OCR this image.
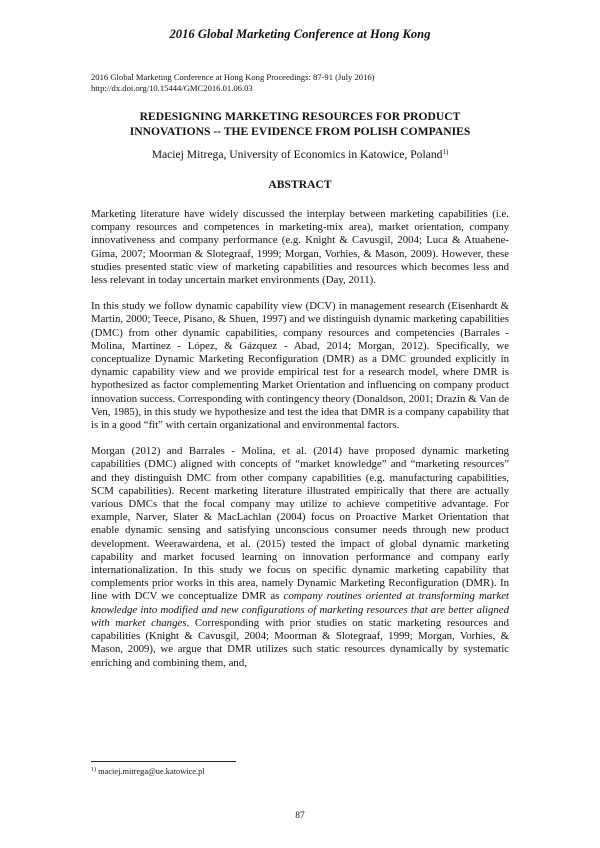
2016 Global Marketing Conference at Hong Kong
2016 Global Marketing Conference at Hong Kong Proceedings: 87-91 (July 2016)
http://dx.doi.org/10.15444/GMC2016.01.06.03
REDESIGNING MARKETING RESOURCES FOR PRODUCT
INNOVATIONS -- THE EVIDENCE FROM POLISH COMPANIES
Maciej Mitrega, University of Economics in Katowice, Poland$^{1)}$
ABSTRACT

Marketing literature have widely discussed the interplay between marketing capabilities (i.e. company resources and competences in marketing-mix area), market orientation, company innovativeness and company performance (e.g. Knight & Cavusgil, 2004; Luca & Atuahene-Gima, 2007; Moorman & Slotegraaf, 1999; Morgan, Vorhies, & Mason, 2009). However, these studies presented static view of marketing capabilities and resources which becomes less and less relevant in today uncertain market environments (Day, 2011).

In this study we follow dynamic capability view (DCV) in management research (Eisenhardt & Martin, 2000; Teece, Pisano, & Shuen, 1997) and we distinguish dynamic marketing capabilities (DMC) from other dynamic capabilities, company resources and competencies (Barrales - Molina, Martínez - López, & Gázquez - Abad, 2014; Morgan, 2012). Specifically, we conceptualize Dynamic Marketing Reconfiguration (DMR) as a DMC grounded explicitly in dynamic capability view and we provide empirical test for a research model, where DMR is hypothesized as factor complementing Market Orientation and influencing on company product innovation success. Corresponding with contingency theory (Donaldson, 2001; Drazin & Van de Ven, 1985), in this study we hypothesize and test the idea that DMR is a company capability that is in a good “fit” with certain organizational and environmental factors.

Morgan (2012) and Barrales - Molina, et al. (2014) have proposed dynamic marketing capabilities (DMC) aligned with concepts of “market knowledge” and “marketing resources” and they distinguish DMC from other company capabilities (e.g. manufacturing capabilities, SCM capabilities). Recent marketing literature illustrated empirically that there are actually various DMCs that the focal company may utilize to achieve competitive advantage. For example, Narver, Slater & MacLachlan (2004) focus on Proactive Market Orientation that enable dynamic sensing and satisfying unconscious consumer needs through new product development. Weerawardena, et al. (2015) tested the impact of global dynamic marketing capability and market focused learning on innovation performance and company early internationalization. In this study we focus on specific dynamic marketing capability that complements prior works in this area, namely Dynamic Marketing Reconfiguration (DMR). In line with DCV we conceptualize DMR as company routines oriented at transforming market knowledge into modified and new configurations of marketing resources that are better aligned with market changes. Corresponding with prior studies on static marketing resources and capabilities (Knight & Cavusgil, 2004; Moorman & Slotegraaf, 1999; Morgan, Vorhies, & Mason, 2009), we argue that DMR utilizes such static resources dynamically by systematic enriching and combining them, and,

$^{1)}$ maciej.mitrega@ue.katowice.pl
87
